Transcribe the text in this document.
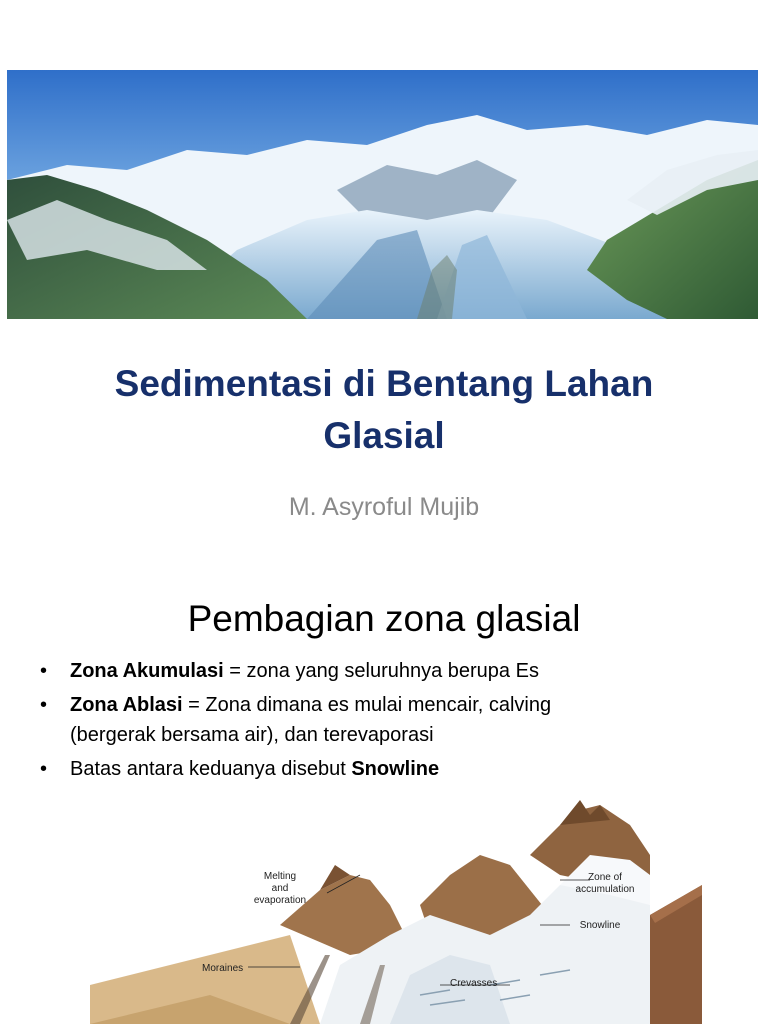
Sedimentasi di Bentang Lahan
Glasial
M. Asyroful Mujib
Pembagian zona glasial
• Zona Akumulasi = zona yang seluruhnya berupa Es
• Zona Ablasi = Zona dimana es mulai mencair, calving
(bergerak bersama air), dan terevaporasi
• Batas antara keduanya disebut Snowline
Melting
and
evaporation
Zone of
accumulation
Snowline
Moraines
Crevasses
